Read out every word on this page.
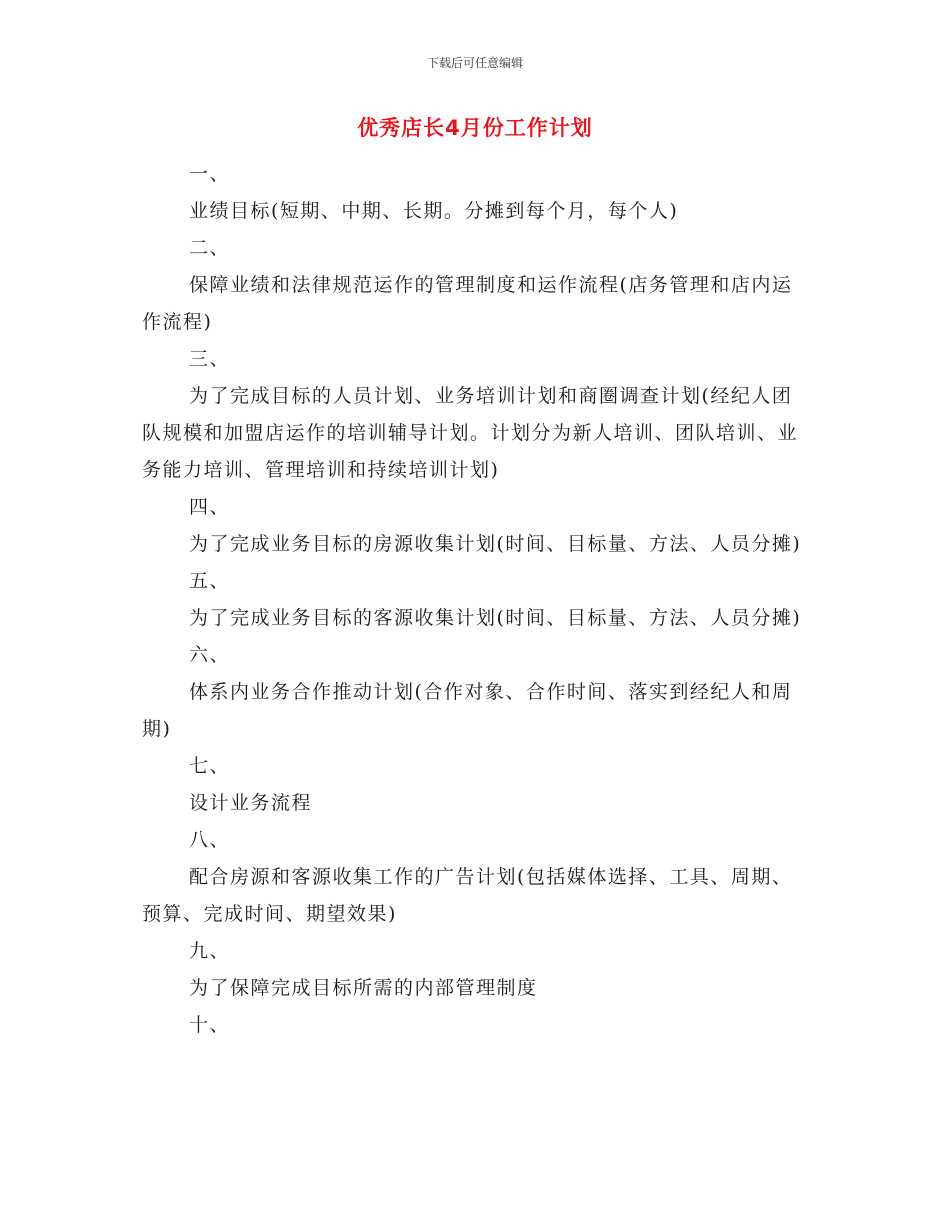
下载后可任意编辑
优秀店长4月份工作计划

一、

业绩目标(短期、中期、长期。分摊到每个月，每个人)

二、

保障业绩和法律规范运作的管理制度和运作流程(店务管理和店内运作流程)

三、

为了完成目标的人员计划、业务培训计划和商圈调查计划(经纪人团队规模和加盟店运作的培训辅导计划。计划分为新人培训、团队培训、业务能力培训、管理培训和持续培训计划)

四、

为了完成业务目标的房源收集计划(时间、目标量、方法、人员分摊)

五、

为了完成业务目标的客源收集计划(时间、目标量、方法、人员分摊)

六、

体系内业务合作推动计划(合作对象、合作时间、落实到经纪人和周期)

七、

设计业务流程

八、

配合房源和客源收集工作的广告计划(包括媒体选择、工具、周期、预算、完成时间、期望效果)

九、

为了保障完成目标所需的内部管理制度

十、
